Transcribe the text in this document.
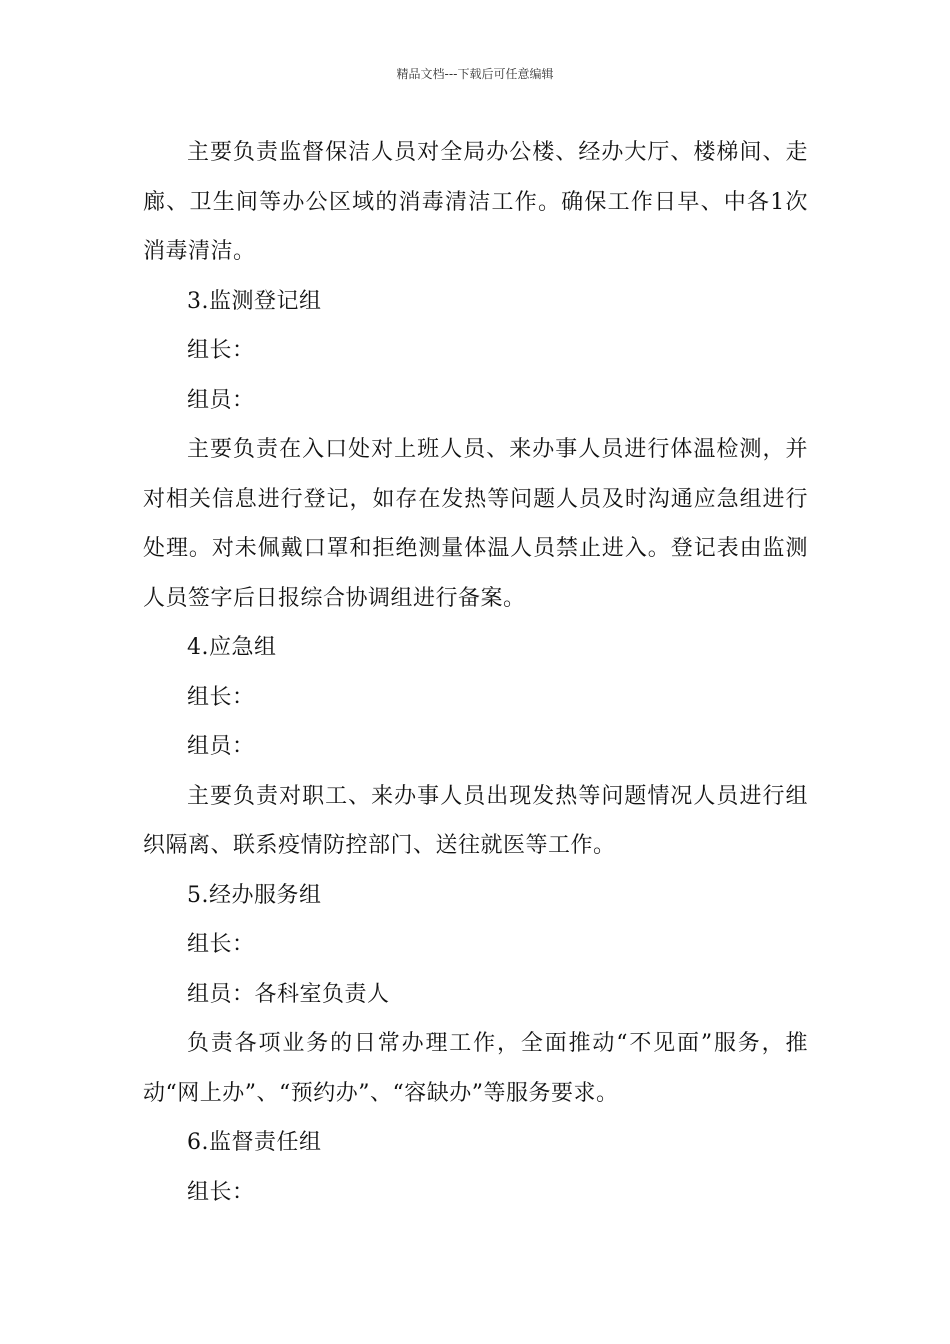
精品文档---下载后可任意编辑

主要负责监督保洁人员对全局办公楼、经办大厅、楼梯间、走廊、卫生间等办公区域的消毒清洁工作。确保工作日早、中各1次消毒清洁。

3.监测登记组

组长：

组员：

主要负责在入口处对上班人员、来办事人员进行体温检测，并对相关信息进行登记，如存在发热等问题人员及时沟通应急组进行处理。对未佩戴口罩和拒绝测量体温人员禁止进入。登记表由监测人员签字后日报综合协调组进行备案。

4.应急组

组长：

组员：

主要负责对职工、来办事人员出现发热等问题情况人员进行组织隔离、联系疫情防控部门、送往就医等工作。

5.经办服务组

组长：

组员：各科室负责人

负责各项业务的日常办理工作，全面推动“不见面”服务，推动“网上办”、“预约办”、“容缺办”等服务要求。

6.监督责任组

组长：
